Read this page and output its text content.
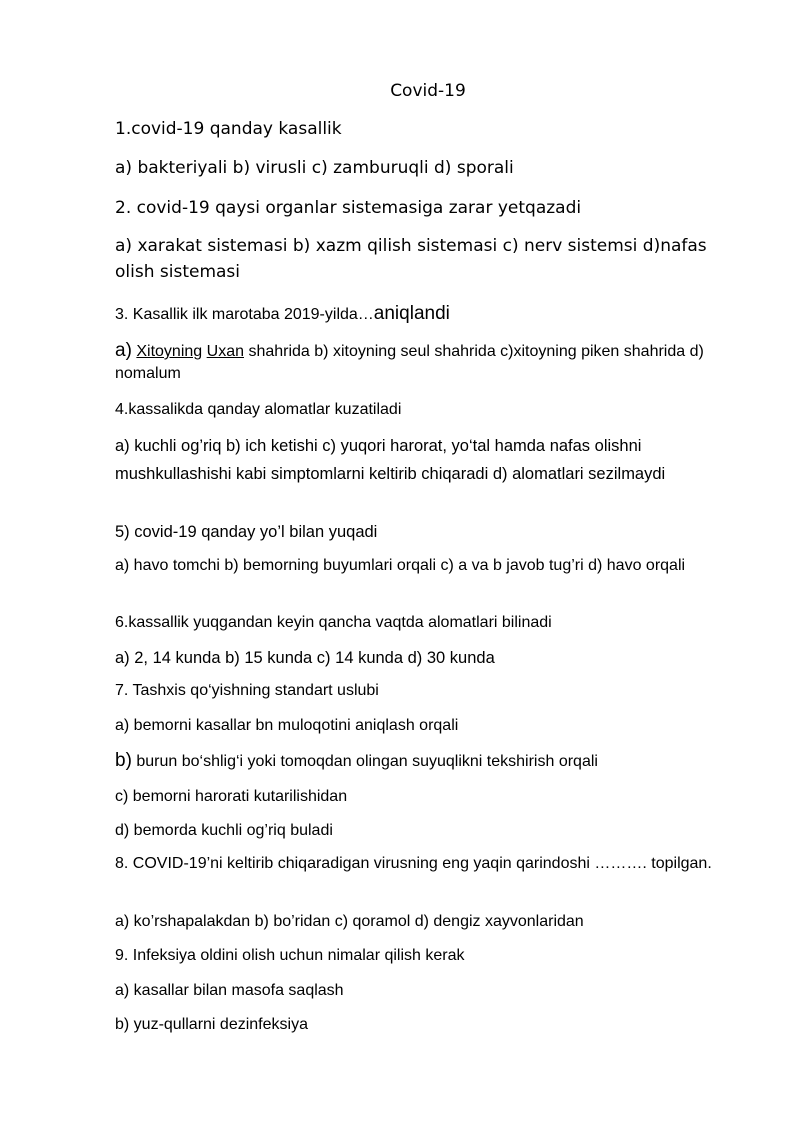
Covid-19

1.covid-19 qanday kasallik

a) bakteriyali b) virusli c) zamburuqli d) sporali

2. covid-19 qaysi organlar sistemasiga zarar yetqazadi

a) xarakat sistemasi b) xazm qilish sistemasi c) nerv sistemsi d)nafas olish sistemasi

3. Kasallik ilk marotaba 2019-yilda…aniqlandi

a) Xitoyning Uxan shahrida b) xitoyning seul shahrida c)xitoyning piken shahrida d) nomalum

4.kassalikda qanday alomatlar kuzatiladi

a) kuchli og’riq b) ich ketishi c) yuqori harorat, yo‘tal hamda nafas olishni mushkullashishi kabi simptomlarni keltirib chiqaradi d) alomatlari sezilmaydi

5) covid-19 qanday yo’l bilan yuqadi

a) havo tomchi b) bemorning buyumlari orqali c) a va b javob tug’ri d) havo orqali

6.kassallik yuqgandan keyin qancha vaqtda alomatlari bilinadi

a) 2, 14 kunda b) 15 kunda c) 14 kunda d) 30 kunda

7. Tashxis qo‘yishning standart uslubi

a) bemorni kasallar bn muloqotini aniqlash orqali

b) burun bo‘shlig‘i yoki tomoqdan olingan suyuqlikni tekshirish orqali

c) bemorni harorati kutarilishidan

d) bemorda kuchli og’riq buladi

8. COVID-19’ni keltirib chiqaradigan virusning eng yaqin qarindoshi ………. topilgan.

a) ko’rshapalakdan b) bo’ridan c) qoramol d) dengiz xayvonlaridan

9. Infeksiya oldini olish uchun nimalar qilish kerak

a) kasallar bilan masofa saqlash

b) yuz-qullarni dezinfeksiya
